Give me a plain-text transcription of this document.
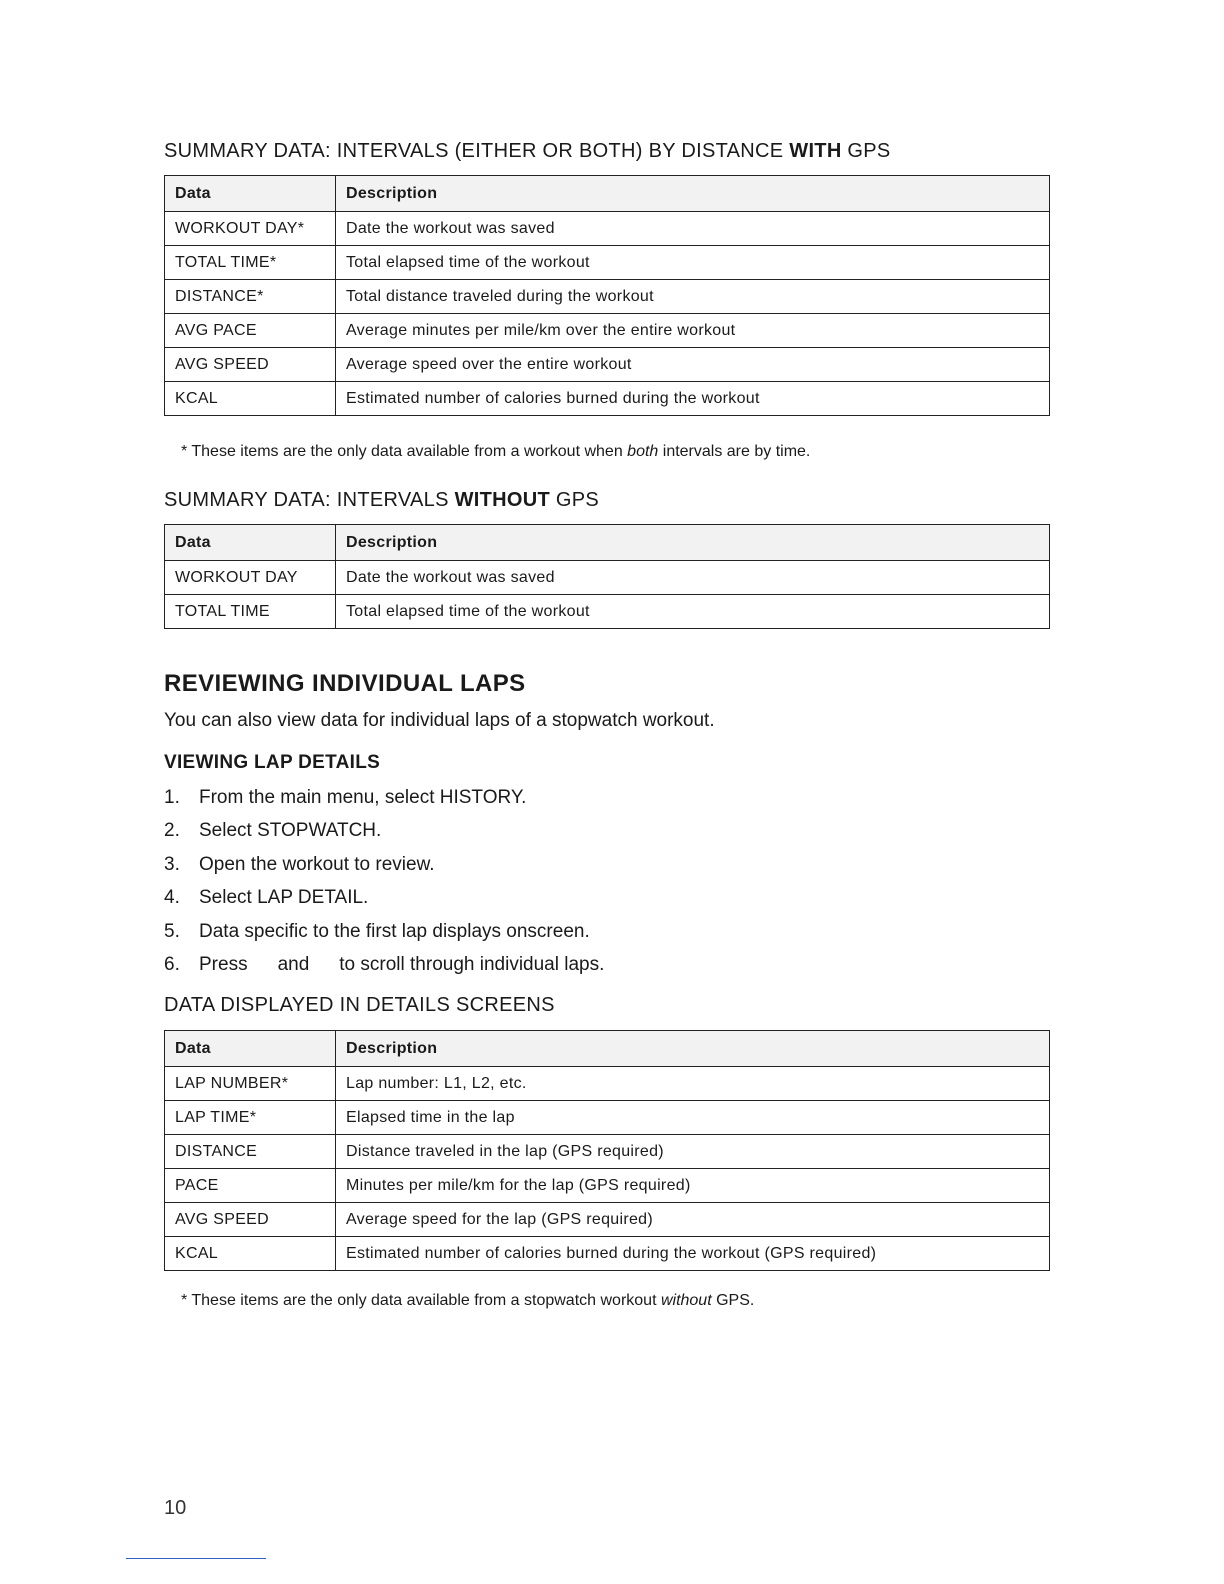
SUMMARY DATA: INTERVALS (EITHER OR BOTH) BY DISTANCE WITH GPS
Data	Description
WORKOUT DAY*	Date the workout was saved
TOTAL TIME*	Total elapsed time of the workout
DISTANCE*	Total distance traveled during the workout
AVG PACE	Average minutes per mile/km over the entire workout
AVG SPEED	Average speed over the entire workout
KCAL	Estimated number of calories burned during the workout
* These items are the only data available from a workout when both intervals are by time.
SUMMARY DATA: INTERVALS WITHOUT GPS
Data	Description
WORKOUT DAY	Date the workout was saved
TOTAL TIME	Total elapsed time of the workout
REVIEWING INDIVIDUAL LAPS
You can also view data for individual laps of a stopwatch workout.
VIEWING LAP DETAILS
1. From the main menu, select HISTORY.
2. Select STOPWATCH.
3. Open the workout to review.
4. Select LAP DETAIL.
5. Data specific to the first lap displays onscreen.
6. Press and to scroll through individual laps.
DATA DISPLAYED IN DETAILS SCREENS
Data	Description
LAP NUMBER*	Lap number: L1, L2, etc.
LAP TIME*	Elapsed time in the lap
DISTANCE	Distance traveled in the lap (GPS required)
PACE	Minutes per mile/km for the lap (GPS required)
AVG SPEED	Average speed for the lap (GPS required)
KCAL	Estimated number of calories burned during the workout (GPS required)
* These items are the only data available from a stopwatch workout without GPS.
10
